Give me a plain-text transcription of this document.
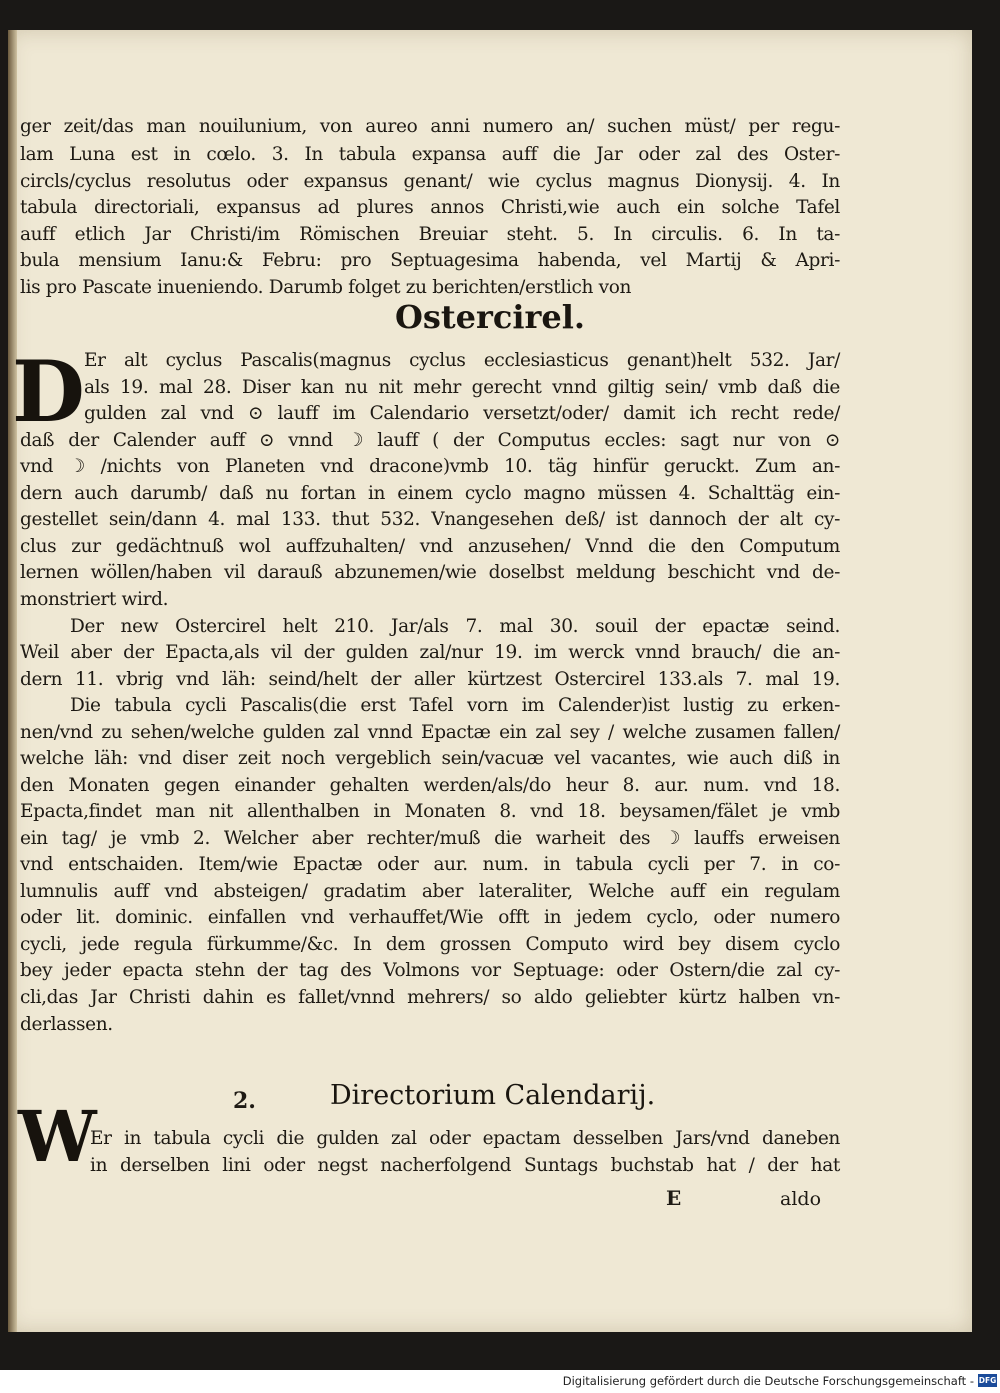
ger zeit/das man nouilunium, von aureo anni numero an/ suchen müst/ per regu-
lam Luna est in cœlo. 3. In tabula expansa auff die Jar oder zal des Oster-
circls/cyclus resolutus oder expansus genant/ wie cyclus magnus Dionysij. 4. In
tabula directoriali, expansus ad plures annos Christi,wie auch ein solche Tafel
auff etlich Jar Christi/im Römischen Breuiar steht. 5. In circulis. 6. In ta-
bula mensium Ianu:& Febru: pro Septuagesima habenda, vel Martij & Apri-
lis pro Pascate inueniendo. Darumb folget zu berichten/erstlich von
Ostercirel.
D Er alt cyclus Pascalis(magnus cyclus ecclesiasticus genant)helt 532. Jar/
als 19. mal 28. Diser kan nu nit mehr gerecht vnnd giltig sein/ vmb daß die
gulden zal vnd ⊙ lauff im Calendario versetzt/oder/ damit ich recht rede/
daß der Calender auff ⊙ vnnd ☽ lauff ( der Computus eccles: sagt nur von ⊙
vnd ☽ /nichts von Planeten vnd dracone)vmb 10. täg hinfür geruckt. Zum an-
dern auch darumb/ daß nu fortan in einem cyclo magno müssen 4. Schalttäg ein-
gestellet sein/dann 4. mal 133. thut 532. Vnangesehen deß/ ist dannoch der alt cy-
clus zur gedächtnuß wol auffzuhalten/ vnd anzusehen/ Vnnd die den Computum
lernen wöllen/haben vil darauß abzunemen/wie doselbst meldung beschicht vnd de-
monstriert wird.
Der new Ostercirel helt 210. Jar/als 7. mal 30. souil der epactæ seind.
Weil aber der Epacta,als vil der gulden zal/nur 19. im werck vnnd brauch/ die an-
dern 11. vbrig vnd läh: seind/helt der aller kürtzest Ostercirel 133.als 7. mal 19.
Die tabula cycli Pascalis(die erst Tafel vorn im Calender)ist lustig zu erken-
nen/vnd zu sehen/welche gulden zal vnnd Epactæ ein zal sey / welche zusamen fallen/
welche läh: vnd diser zeit noch vergeblich sein/vacuæ vel vacantes, wie auch diß in
den Monaten gegen einander gehalten werden/als/do heur 8. aur. num. vnd 18.
Epacta,findet man nit allenthalben in Monaten 8. vnd 18. beysamen/fälet je vmb
ein tag/ je vmb 2. Welcher aber rechter/muß die warheit des ☽ lauffs erweisen
vnd entschaiden. Item/wie Epactæ oder aur. num. in tabula cycli per 7. in co-
lumnulis auff vnd absteigen/ gradatim aber lateraliter, Welche auff ein regulam
oder lit. dominic. einfallen vnd verhauffet/Wie offt in jedem cyclo, oder numero
cycli, jede regula fürkumme/&c. In dem grossen Computo wird bey disem cyclo
bey jeder epacta stehn der tag des Volmons vor Septuage: oder Ostern/die zal cy-
cli,das Jar Christi dahin es fallet/vnnd mehrers/ so aldo geliebter kürtz halben vn-
derlassen.
2.	Directorium Calendarij.
W
Er in tabula cycli die gulden zal oder epactam desselben Jars/vnd daneben
in derselben lini oder negst nacherfolgend Suntags buchstab hat / der hat
E	aldo
Digitalisierung gefördert durch die Deutsche Forschungsgemeinschaft - DFG
